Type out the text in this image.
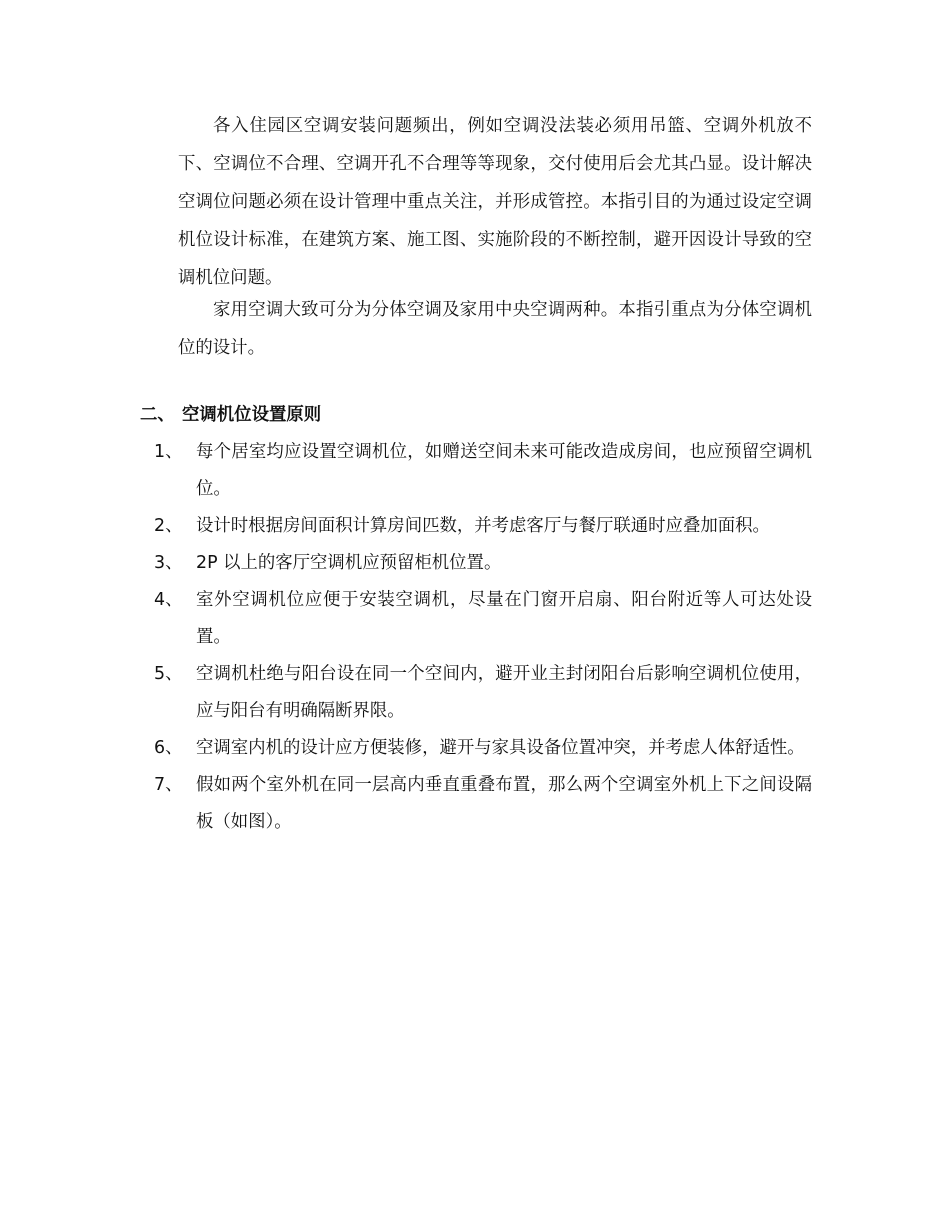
各入住园区空调安装问题频出，例如空调没法装必须用吊篮、空调外机放不下、空调位不合理、空调开孔不合理等等现象，交付使用后会尤其凸显。设计解决空调位问题必须在设计管理中重点关注，并形成管控。本指引目的为通过设定空调机位设计标准，在建筑方案、施工图、实施阶段的不断控制，避开因设计导致的空调机位问题。

家用空调大致可分为分体空调及家用中央空调两种。本指引重点为分体空调机位的设计。

二、 空调机位设置原则
1、 每个居室均应设置空调机位，如赠送空间未来可能改造成房间，也应预留空调机位。
2、 设计时根据房间面积计算房间匹数，并考虑客厅与餐厅联通时应叠加面积。
3、 2P 以上的客厅空调机应预留柜机位置。
4、 室外空调机位应便于安装空调机，尽量在门窗开启扇、阳台附近等人可达处设置。
5、 空调机杜绝与阳台设在同一个空间内，避开业主封闭阳台后影响空调机位使用，应与阳台有明确隔断界限。
6、 空调室内机的设计应方便装修，避开与家具设备位置冲突，并考虑人体舒适性。
7、 假如两个室外机在同一层高内垂直重叠布置，那么两个空调室外机上下之间设隔板（如图）。
